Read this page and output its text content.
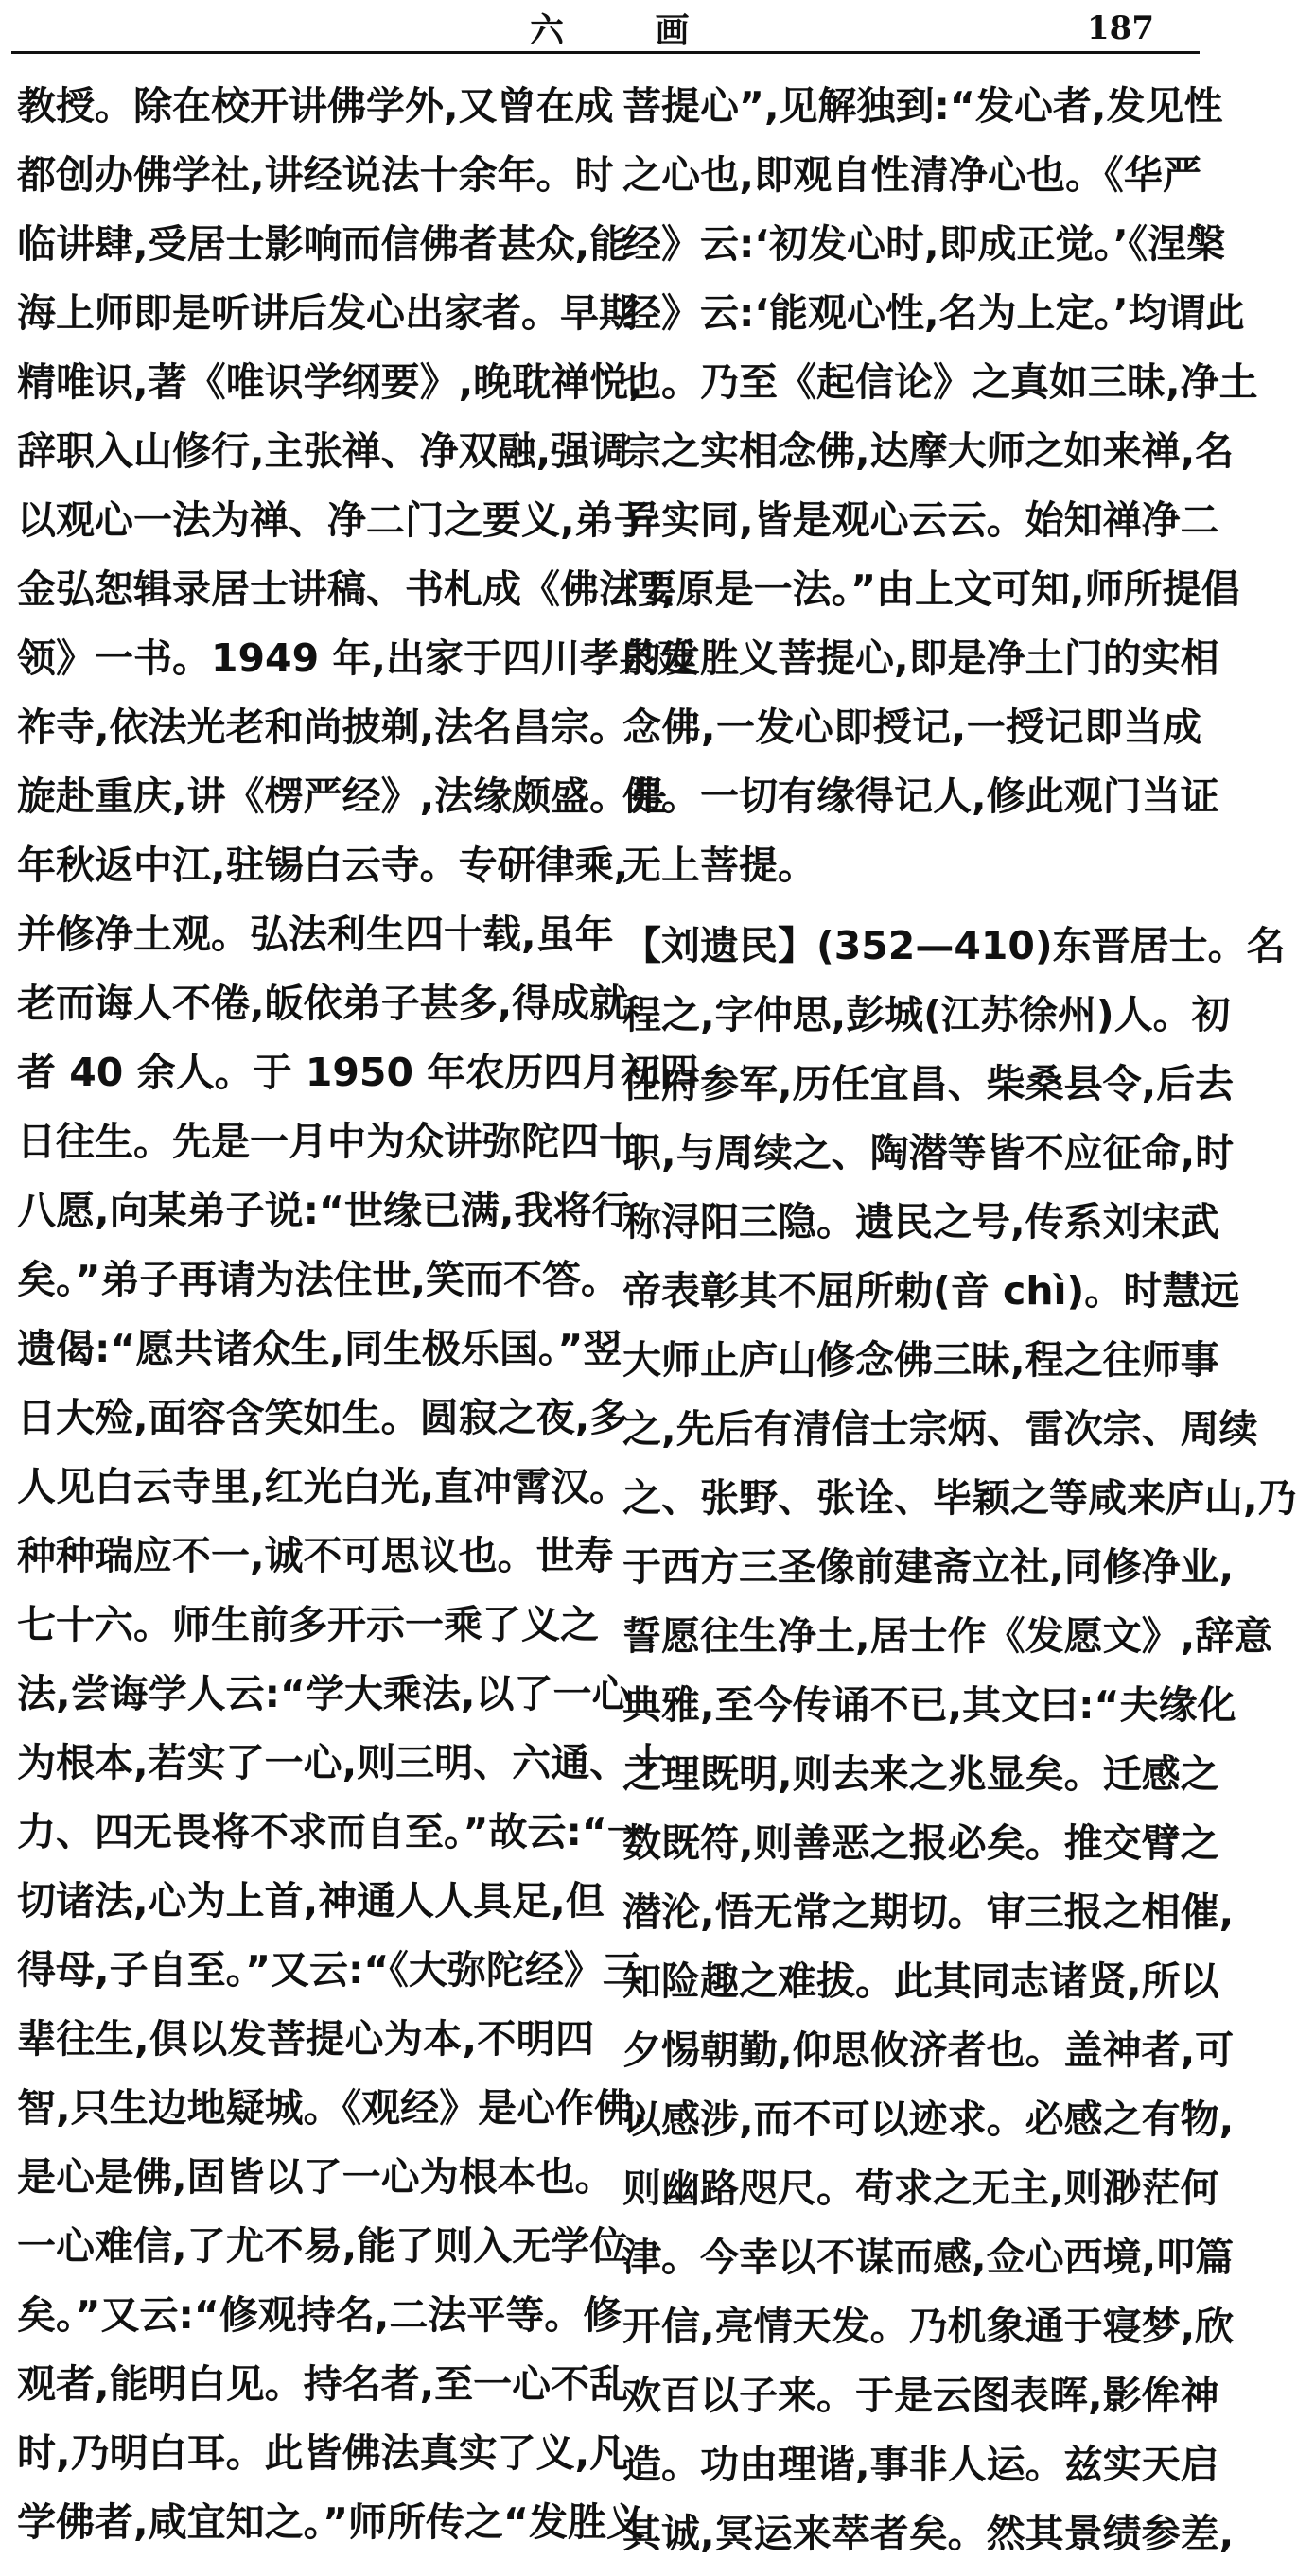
六 画	187
教授。除在校开讲佛学外,又曾在成
都创办佛学社,讲经说法十余年。时
临讲肆,受居士影响而信佛者甚众,能
海上师即是听讲后发心出家者。早期
精唯识,著《唯识学纲要》,晚耽禅悦,
辞职入山修行,主张禅、净双融,强调
以观心一法为禅、净二门之要义,弟子
金弘恕辑录居士讲稿、书札成《佛法要
领》一书。1949 年,出家于四川孝泉延
祚寺,依法光老和尚披剃,法名昌宗。
旋赴重庆,讲《楞严经》,法缘颇盛。是
年秋返中江,驻锡白云寺。专研律乘,
并修净土观。弘法利生四十载,虽年
老而诲人不倦,皈依弟子甚多,得成就
者 40 余人。于 1950 年农历四月初四
日往生。先是一月中为众讲弥陀四十
八愿,向某弟子说:“世缘已满,我将行
矣。”弟子再请为法住世,笑而不答。
遗偈:“愿共诸众生,同生极乐国。”翌
日大殓,面容含笑如生。圆寂之夜,多
人见白云寺里,红光白光,直冲霄汉。
种种瑞应不一,诚不可思议也。世寿
七十六。师生前多开示一乘了义之
法,尝诲学人云:“学大乘法,以了一心
为根本,若实了一心,则三明、六通、十
力、四无畏将不求而自至。”故云:“一
切诸法,心为上首,神通人人具足,但
得母,子自至。”又云:“《大弥陀经》三
辈往生,俱以发菩提心为本,不明四
智,只生边地疑城。《观经》是心作佛,
是心是佛,固皆以了一心为根本也。
一心难信,了尤不易,能了则入无学位
矣。”又云:“修观持名,二法平等。修
观者,能明白见。持名者,至一心不乱
时,乃明白耳。此皆佛法真实了义,凡
学佛者,咸宜知之。”师所传之“发胜义
菩提心”,见解独到:“发心者,发见性
之心也,即观自性清净心也。《华严
经》云:‘初发心时,即成正觉。’《涅槃
经》云:‘能观心性,名为上定。’均谓此
也。乃至《起信论》之真如三昧,净土
宗之实相念佛,达摩大师之如来禅,名
异实同,皆是观心云云。始知禅净二
门,原是一法。”由上文可知,师所提倡
的发胜义菩提心,即是净土门的实相
念佛,一发心即授记,一授记即当成
佛。一切有缘得记人,修此观门当证
无上菩提。
【刘遗民】(352—410)东晋居士。名
程之,字仲思,彭城(江苏徐州)人。初
任府参军,历任宜昌、柴桑县令,后去
职,与周续之、陶潜等皆不应征命,时
称浔阳三隐。遗民之号,传系刘宋武
帝表彰其不屈所勅(音 chì)。时慧远
大师止庐山修念佛三昧,程之往师事
之,先后有清信士宗炳、雷次宗、周续
之、张野、张诠、毕颖之等咸来庐山,乃
于西方三圣像前建斋立社,同修净业,
誓愿往生净土,居士作《发愿文》,辞意
典雅,至今传诵不已,其文曰:“夫缘化
之理既明,则去来之兆显矣。迁感之
数既符,则善恶之报必矣。推交臂之
潜沦,悟无常之期切。审三报之相催,
知险趣之难拔。此其同志诸贤,所以
夕惕朝勤,仰思攸济者也。盖神者,可
以感涉,而不可以迹求。必感之有物,
则幽路咫尺。苟求之无主,则渺茫何
津。今幸以不谋而感,佥心西境,叩篇
开信,亮情天发。乃机象通于寝梦,欣
欢百以子来。于是云图表晖,影侔神
造。功由理谐,事非人运。兹实天启
其诚,冥运来萃者矣。然其景绩参差,
